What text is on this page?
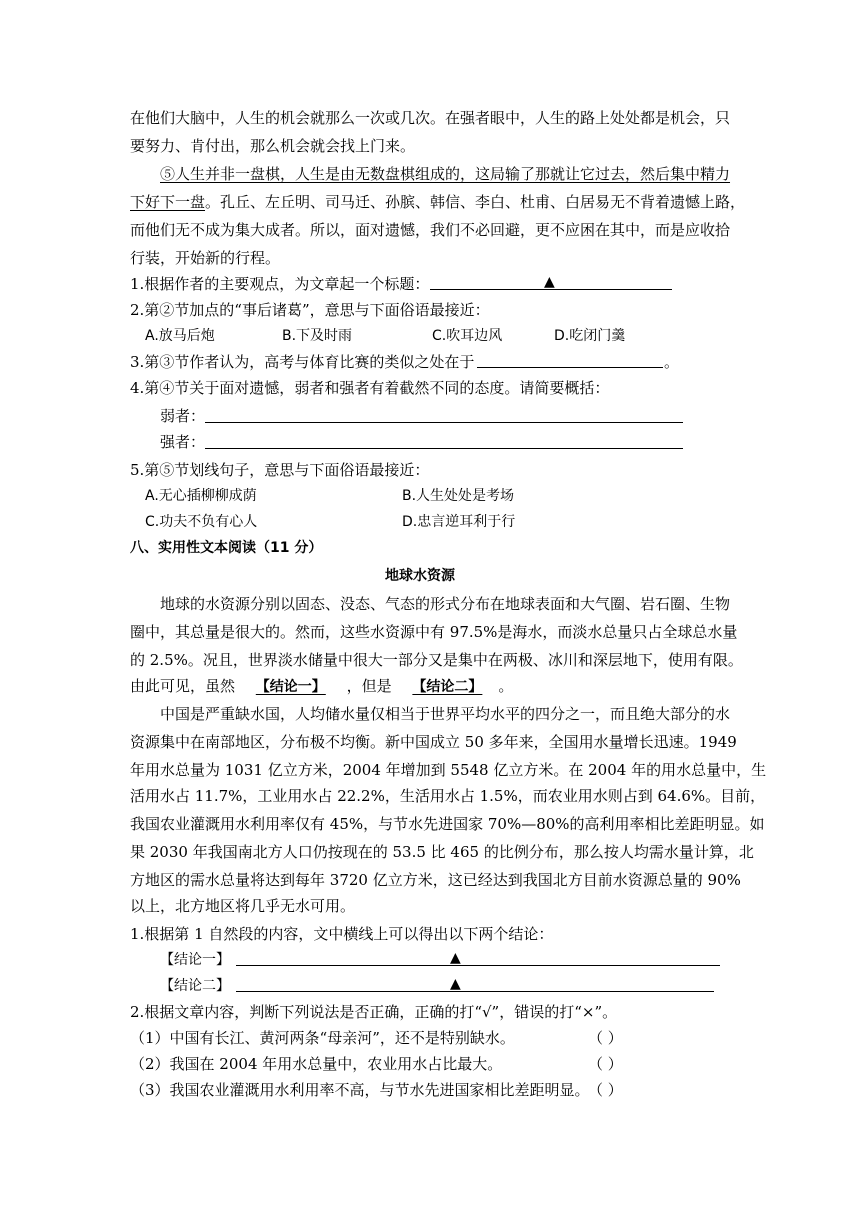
在他们大脑中，人生的机会就那么一次或几次。在强者眼中，人生的路上处处都是机会，只
要努力、肯付出，那么机会就会找上门来。
⑤人生并非一盘棋，人生是由无数盘棋组成的，这局输了那就让它过去，然后集中精力
下好下一盘。孔丘、左丘明、司马迁、孙膑、韩信、李白、杜甫、白居易无不背着遗憾上路，
而他们无不成为集大成者。所以，面对遗憾，我们不必回避，更不应困在其中，而是应收拾
行装，开始新的行程。
1.根据作者的主要观点，为文章起一个标题：	▲
2.第②节加点的“事后诸葛”，意思与下面俗语最接近：
A.放马后炮	B.下及时雨	C.吹耳边风	D.吃闭门羹
3.第③节作者认为，高考与体育比赛的类似之处在于	。
4.第④节关于面对遗憾，弱者和强者有着截然不同的态度。请简要概括：
弱者：
强者：
5.第⑤节划线句子，意思与下面俗语最接近：
A.无心插柳柳成荫	B.人生处处是考场
C.功夫不负有心人	D.忠言逆耳利于行
八、实用性文本阅读（11 分）
地球水资源
地球的水资源分别以固态、没态、气态的形式分布在地球表面和大气圈、岩石圈、生物
圈中，其总量是很大的。然而，这些水资源中有 97.5%是海水，而淡水总量只占全球总水量
的 2.5%。况且，世界淡水储量中很大一部分又是集中在两极、冰川和深层地下，使用有限。
由此可见，虽然 【结论一】 ，但是 【结论二】 。
中国是严重缺水国，人均储水量仅相当于世界平均水平的四分之一，而且绝大部分的水
资源集中在南部地区，分布极不均衡。新中国成立 50 多年来，全国用水量增长迅速。1949
年用水总量为 1031 亿立方米，2004 年增加到 5548 亿立方米。在 2004 年的用水总量中，生
活用水占 11.7%，工业用水占 22.2%，生活用水占 1.5%，而农业用水则占到 64.6%。目前，
我国农业灌溉用水利用率仅有 45%，与节水先进国家 70%—80%的高利用率相比差距明显。如
果 2030 年我国南北方人口仍按现在的 53.5 比 465 的比例分布，那么按人均需水量计算，北
方地区的需水总量将达到每年 3720 亿立方米，这已经达到我国北方目前水资源总量的 90%
以上，北方地区将几乎无水可用。
1.根据第 1 自然段的内容，文中横线上可以得出以下两个结论：
【结论一】	▲
【结论二】	▲
2.根据文章内容，判断下列说法是否正确，正确的打“√”，错误的打“×”。
（1）中国有长江、黄河两条“母亲河”，还不是特别缺水。	（ ）
（2）我国在 2004 年用水总量中，农业用水占比最大。	（ ）
（3）我国农业灌溉用水利用率不高，与节水先进国家相比差距明显。
（ ）
